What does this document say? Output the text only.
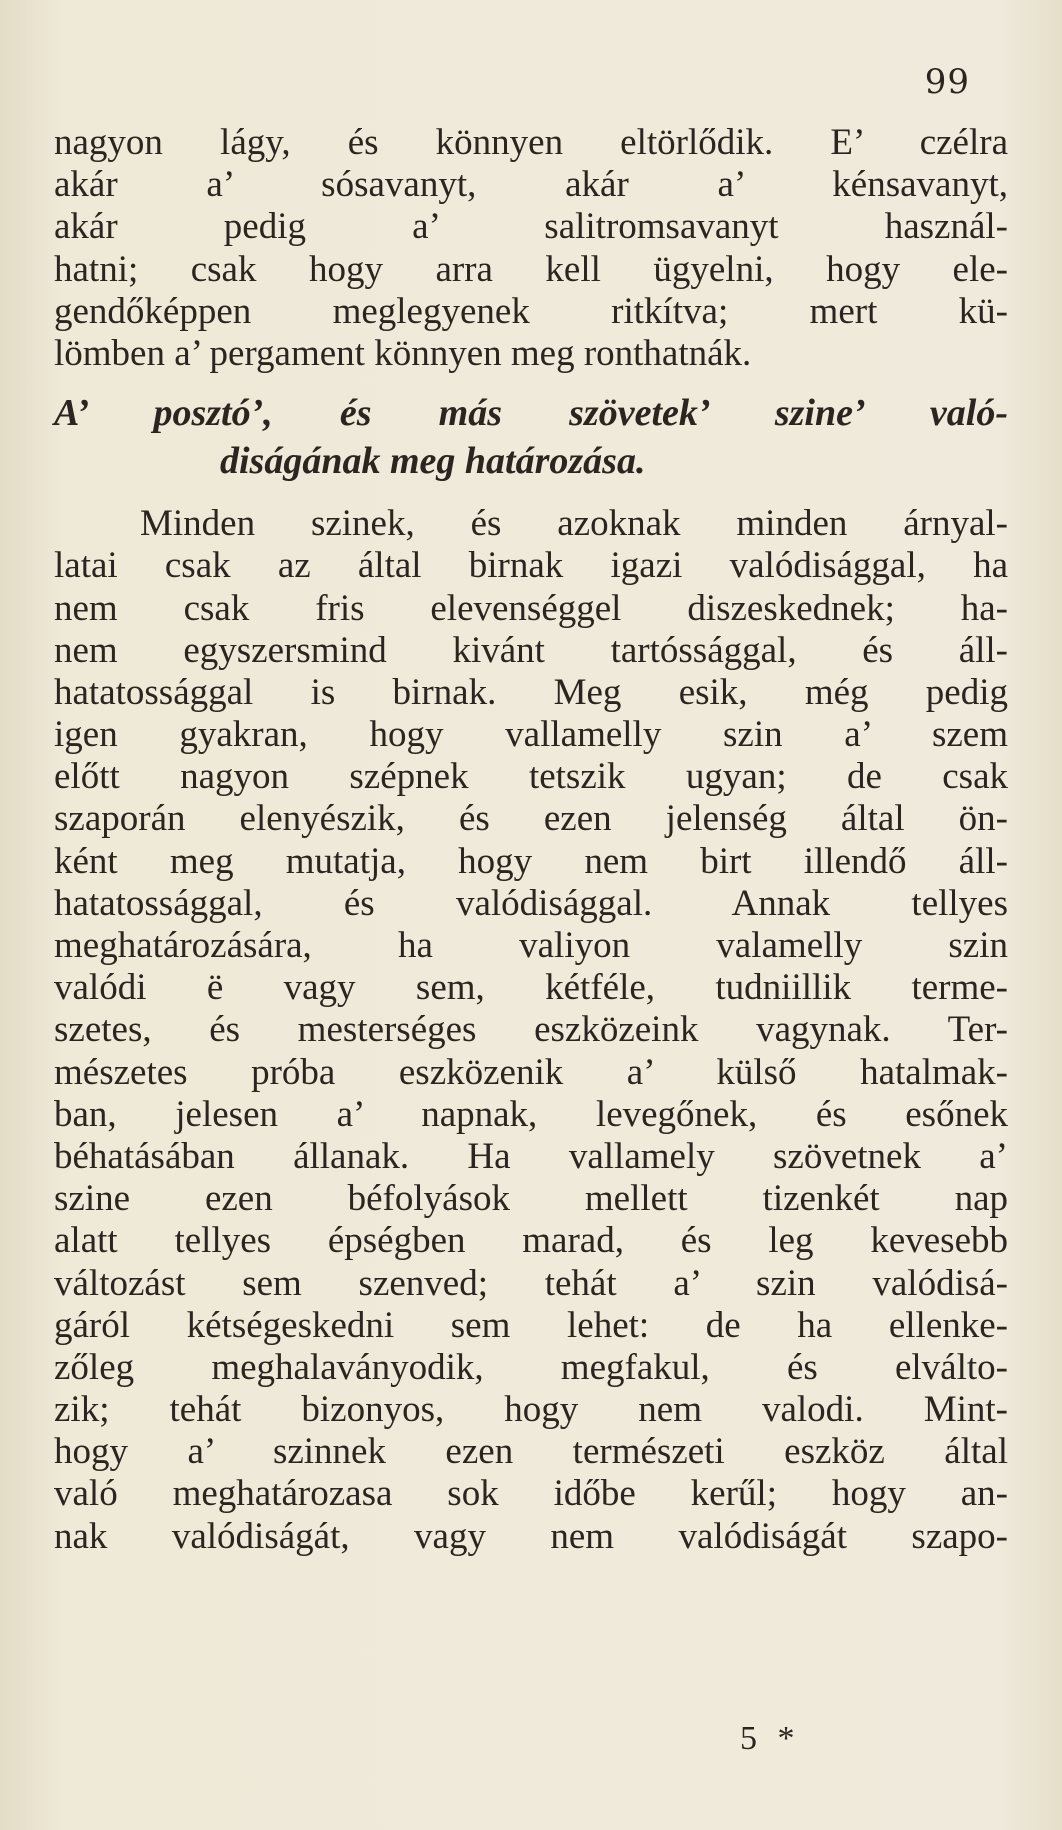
99
nagyon lágy, és könnyen eltörlődik. E’ czélra
akár a’ sósavanyt, akár a’ kénsavanyt,
akár pedig a’ salitromsavanyt használ-
hatni; csak hogy arra kell ügyelni, hogy ele-
gendőképpen meglegyenek ritkítva; mert kü-
lömben a’ pergament könnyen meg ronthatnák.
A’ posztó’, és más szövetek’ szine’ való-
diságának meg határozása.
Minden szinek, és azoknak minden árnyal-
latai csak az által birnak igazi valódisággal, ha
nem csak fris elevenséggel diszeskednek; ha-
nem egyszersmind kivánt tartóssággal, és áll-
hatatossággal is birnak. Meg esik, még pedig
igen gyakran, hogy vallamelly szin a’ szem
előtt nagyon szépnek tetszik ugyan; de csak
szaporán elenyészik, és ezen jelenség által ön-
ként meg mutatja, hogy nem birt illendő áll-
hatatossággal, és valódisággal. Annak tellyes
meghatározására, ha valiyon valamelly szin
valódi ë vagy sem, kétféle, tudniillik terme-
szetes, és mesterséges eszközeink vagynak. Ter-
mészetes próba eszközenik a’ külső hatalmak-
ban, jelesen a’ napnak, levegőnek, és esőnek
béhatásában állanak. Ha vallamely szövetnek a’
szine ezen béfolyások mellett tizenkét nap
alatt tellyes épségben marad, és leg kevesebb
változást sem szenved; tehát a’ szin valódisá-
gáról kétségeskedni sem lehet: de ha ellenke-
zőleg meghalaványodik, megfakul, és elválto-
zik; tehát bizonyos, hogy nem valodi. Mint-
hogy a’ szinnek ezen természeti eszköz által
való meghatározasa sok időbe kerűl; hogy an-
nak valódiságát, vagy nem valódiságát szapo-
5 *
